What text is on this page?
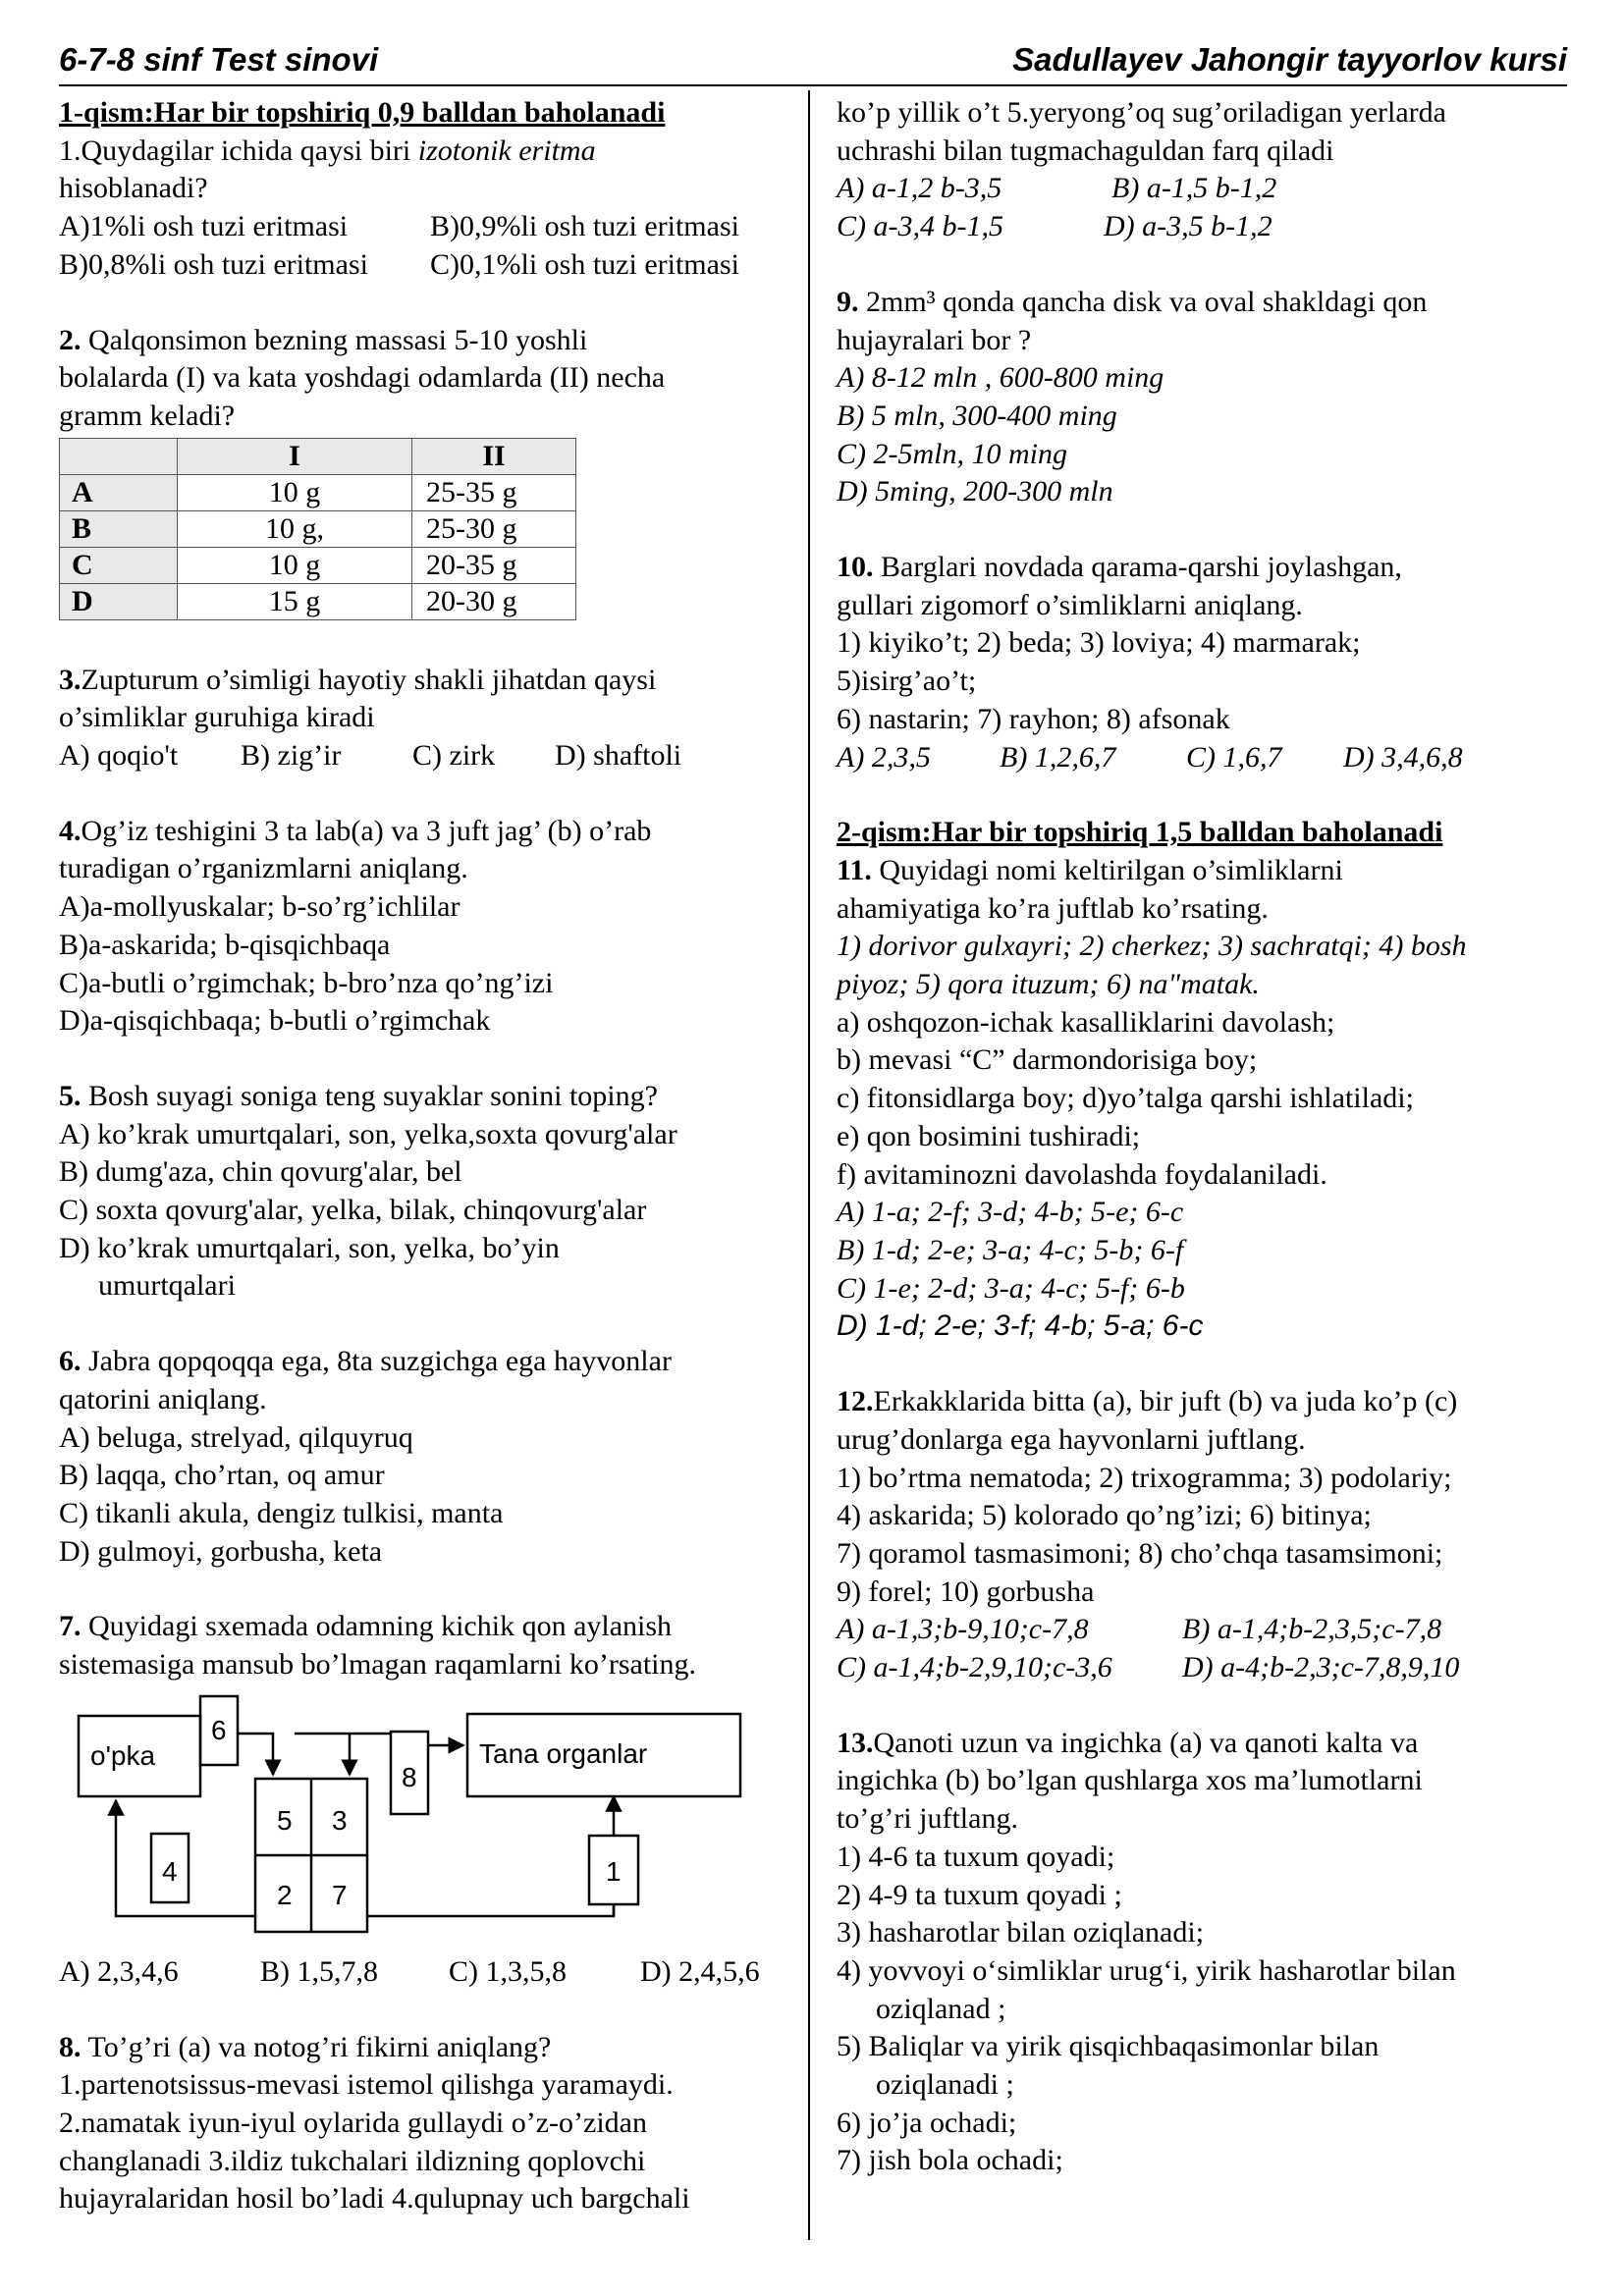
6-7-8 sinf Test sinovi	Sadullayev Jahongir tayyorlov kursi
1-qism:Har bir topshiriq 0,9 balldan baholanadi
1.Quydagilar ichida qaysi biri izotonik eritma
hisoblanadi?
A)1%li osh tuzi eritmasi	B)0,9%li osh tuzi eritmasi
B)0,8%li osh tuzi eritmasi	C)0,1%li osh tuzi eritmasi
2. Qalqonsimon bezning massasi 5-10 yoshli
bolalarda (I) va kata yoshdagi odamlarda (II) necha
gramm keladi?
	I	II
A	10 g	25-35 g
B	10 g,	25-30 g
C	10 g	20-35 g
D	15 g	20-30 g
3.Zupturum o’simligi hayotiy shakli jihatdan qaysi
o’simliklar guruhiga kiradi
A) qoqio't	B) zig’ir	C) zirk	D) shaftoli
4.Og’iz teshigini 3 ta lab(a) va 3 juft jag’ (b) o’rab
turadigan o’rganizmlarni aniqlang.
A)a-mollyuskalar; b-so’rg’ichlilar
B)a-askarida; b-qisqichbaqa
C)a-butli o’rgimchak; b-bro’nza qo’ng’izi
D)a-qisqichbaqa; b-butli o’rgimchak
5. Bosh suyagi soniga teng suyaklar sonini toping?
A) ko’krak umurtqalari, son, yelka,soxta qovurg'alar
B) dumg'aza, chin qovurg'alar, bel
C) soxta qovurg'alar, yelka, bilak, chinqovurg'alar
D) ko’krak umurtqalari, son, yelka, bo’yin
umurtqalari
6. Jabra qopqoqqa ega, 8ta suzgichga ega hayvonlar
qatorini aniqlang.
A) beluga, strelyad, qilquyruq
B) laqqa, cho’rtan, oq amur
C) tikanli akula, dengiz tulkisi, manta
D) gulmoyi, gorbusha, keta
7. Quyidagi sxemada odamning kichik qon aylanish
sistemasiga mansub bo’lmagan raqamlarni ko’rsating.
o'pka	Tana organlar
6
8
5 3
2 7
4	1
A) 2,3,4,6	B) 1,5,7,8	C) 1,3,5,8	D) 2,4,5,6
8. To’g’ri (a) va notog’ri fikirni aniqlang?
1.partenotsissus-mevasi istemol qilishga yaramaydi.
2.namatak iyun-iyul oylarida gullaydi o’z-o’zidan
changlanadi 3.ildiz tukchalari ildizning qoplovchi
hujayralaridan hosil bo’ladi 4.qulupnay uch bargchali
ko’p yillik o’t 5.yeryong’oq sug’oriladigan yerlarda
uchrashi bilan tugmachaguldan farq qiladi
A) a-1,2 b-3,5	B) a-1,5 b-1,2
C) a-3,4 b-1,5	D) a-3,5 b-1,2
9. 2mm³ qonda qancha disk va oval shakldagi qon
hujayralari bor ?
A) 8-12 mln , 600-800 ming
B) 5 mln, 300-400 ming
C) 2-5mln, 10 ming
D) 5ming, 200-300 mln
10. Barglari novdada qarama-qarshi joylashgan,
gullari zigomorf o’simliklarni aniqlang.
1) kiyiko’t; 2) beda; 3) loviya; 4) marmarak;
5)isirg’ao’t;
6) nastarin; 7) rayhon; 8) afsonak
A) 2,3,5	B) 1,2,6,7	C) 1,6,7	D) 3,4,6,8
2-qism:Har bir topshiriq 1,5 balldan baholanadi
11. Quyidagi nomi keltirilgan o’simliklarni
ahamiyatiga ko’ra juftlab ko’rsating.
1) dorivor gulxayri; 2) cherkez; 3) sachratqi; 4) bosh
piyoz; 5) qora ituzum; 6) na"matak.
a) oshqozon-ichak kasalliklarini davolash;
b) mevasi “C” darmondorisiga boy;
c) fitonsidlarga boy; d)yo’talga qarshi ishlatiladi;
e) qon bosimini tushiradi;
f) avitaminozni davolashda foydalaniladi.
A) 1-a; 2-f; 3-d; 4-b; 5-e; 6-c
B) 1-d; 2-e; 3-a; 4-c; 5-b; 6-f
C) 1-e; 2-d; 3-a; 4-c; 5-f; 6-b
D) 1-d; 2-e; 3-f; 4-b; 5-a; 6-c
12.Erkakklarida bitta (a), bir juft (b) va juda ko’p (c)
urug’donlarga ega hayvonlarni juftlang.
1) bo’rtma nematoda; 2) trixogramma; 3) podolariy;
4) askarida; 5) kolorado qo’ng’izi; 6) bitinya;
7) qoramol tasmasimoni; 8) cho’chqa tasamsimoni;
9) forel; 10) gorbusha
A) a-1,3;b-9,10;c-7,8	B) a-1,4;b-2,3,5;c-7,8
C) a-1,4;b-2,9,10;c-3,6	D) a-4;b-2,3;c-7,8,9,10
13.Qanoti uzun va ingichka (a) va qanoti kalta va
ingichka (b) bo’lgan qushlarga xos ma’lumotlarni
to’g’ri juftlang.
1) 4-6 ta tuxum qoyadi;
2) 4-9 ta tuxum qoyadi ;
3) hasharotlar bilan oziqlanadi;
4) yovvoyi o‘simliklar urug‘i, yirik hasharotlar bilan
oziqlanad ;
5) Baliqlar va yirik qisqichbaqasimonlar bilan
oziqlanadi ;
6) jo’ja ochadi;
7) jish bola ochadi;
